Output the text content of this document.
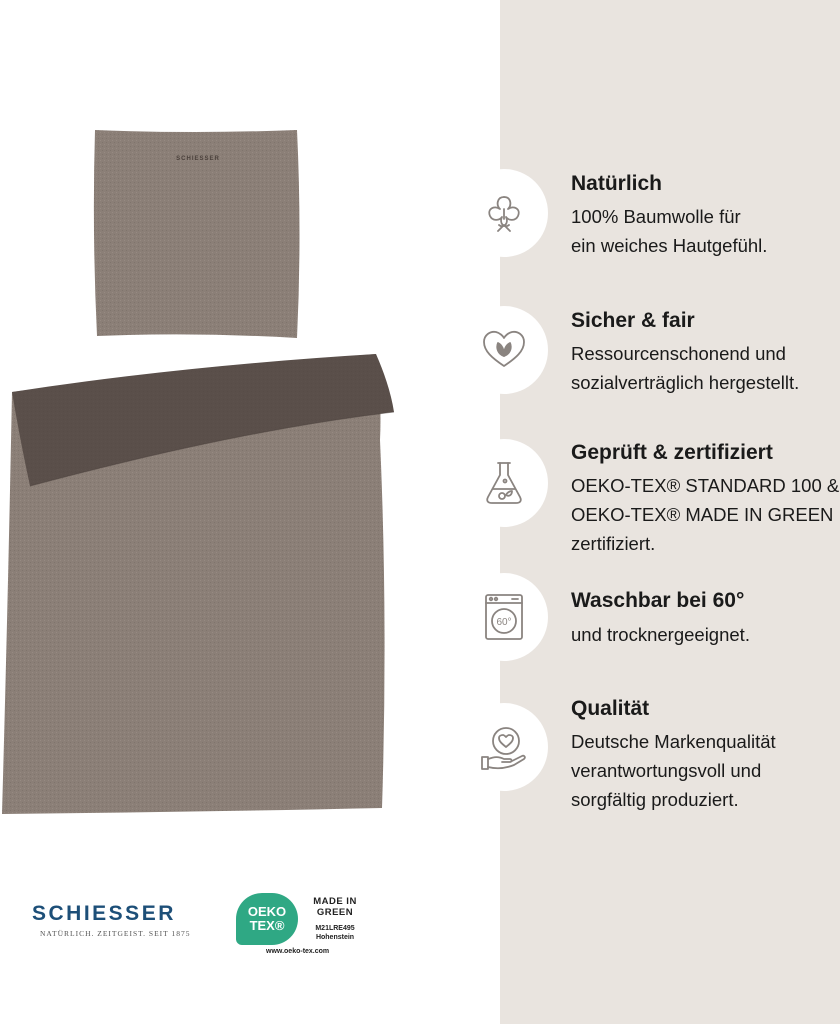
SCHIESSER
Natürlich
100% Baumwolle für
ein weiches Hautgefühl.
Sicher & fair
Ressourcenschonend und
sozialverträglich hergestellt.
Geprüft & zertifiziert
OEKO-TEX® STANDARD 100 &
OEKO-TEX® MADE IN GREEN
zertifiziert.
60°
Waschbar bei 60°
und trocknergeeignet.
Qualität
Deutsche Markenqualität
verantwortungsvoll und
sorgfältig produziert.
SCHIESSER
NATÜRLICH. ZEITGEIST. SEIT 1875
OEKO
TEX®
MADE IN
GREEN
M21LRE495
Hohenstein
www.oeko-tex.com
